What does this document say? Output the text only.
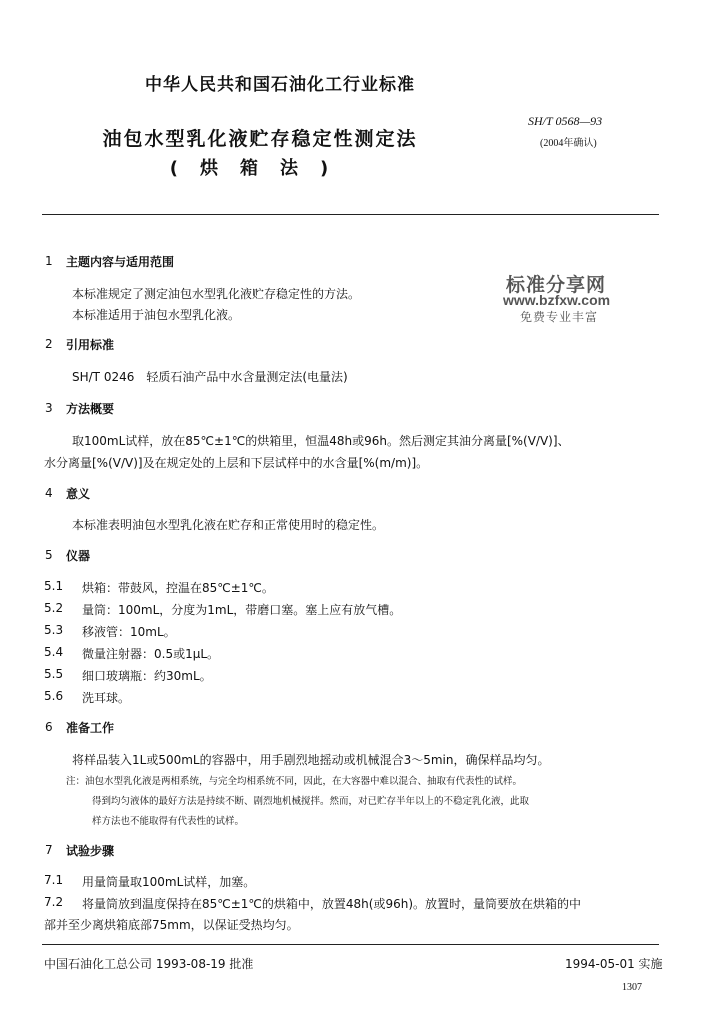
中华人民共和国石油化工行业标准
SH/T 0568—93
(2004年确认)
油包水型乳化液贮存稳定性测定法
(烘箱法)
标准分享网
www.bzfxw.com
免费专业丰富
1 主题内容与适用范围
本标准规定了测定油包水型乳化液贮存稳定性的方法。
本标准适用于油包水型乳化液。
2 引用标准
SH/T 0246　轻质石油产品中水含量测定法(电量法)
3 方法概要
取100mL试样，放在85℃±1℃的烘箱里，恒温48h或96h。然后测定其油分离量[%(V/V)]、
水分离量[%(V/V)]及在规定处的上层和下层试样中的水含量[%(m/m)]。
4 意义
本标准表明油包水型乳化液在贮存和正常使用时的稳定性。
5 仪器
5.1 烘箱：带鼓风，控温在85℃±1℃。
5.2 量筒：100mL，分度为1mL，带磨口塞。塞上应有放气槽。
5.3 移液管：10mL。
5.4 微量注射器：0.5或1μL。
5.5 细口玻璃瓶：约30mL。
5.6 洗耳球。
6 准备工作
将样品装入1L或500mL的容器中，用手剧烈地摇动或机械混合3～5min，确保样品均匀。
注：油包水型乳化液是两相系统，与完全均相系统不同，因此，在大容器中难以混合、抽取有代表性的试样。
得到均匀液体的最好方法是持续不断、剧烈地机械搅拌。然而，对已贮存半年以上的不稳定乳化液，此取
样方法也不能取得有代表性的试样。
7 试验步骤
7.1 用量筒量取100mL试样，加塞。
7.2 将量筒放到温度保持在85℃±1℃的烘箱中，放置48h(或96h)。放置时，量筒要放在烘箱的中
部并至少离烘箱底部75mm，以保证受热均匀。
中国石油化工总公司 1993-08-19 批准	1994-05-01 实施
1307
